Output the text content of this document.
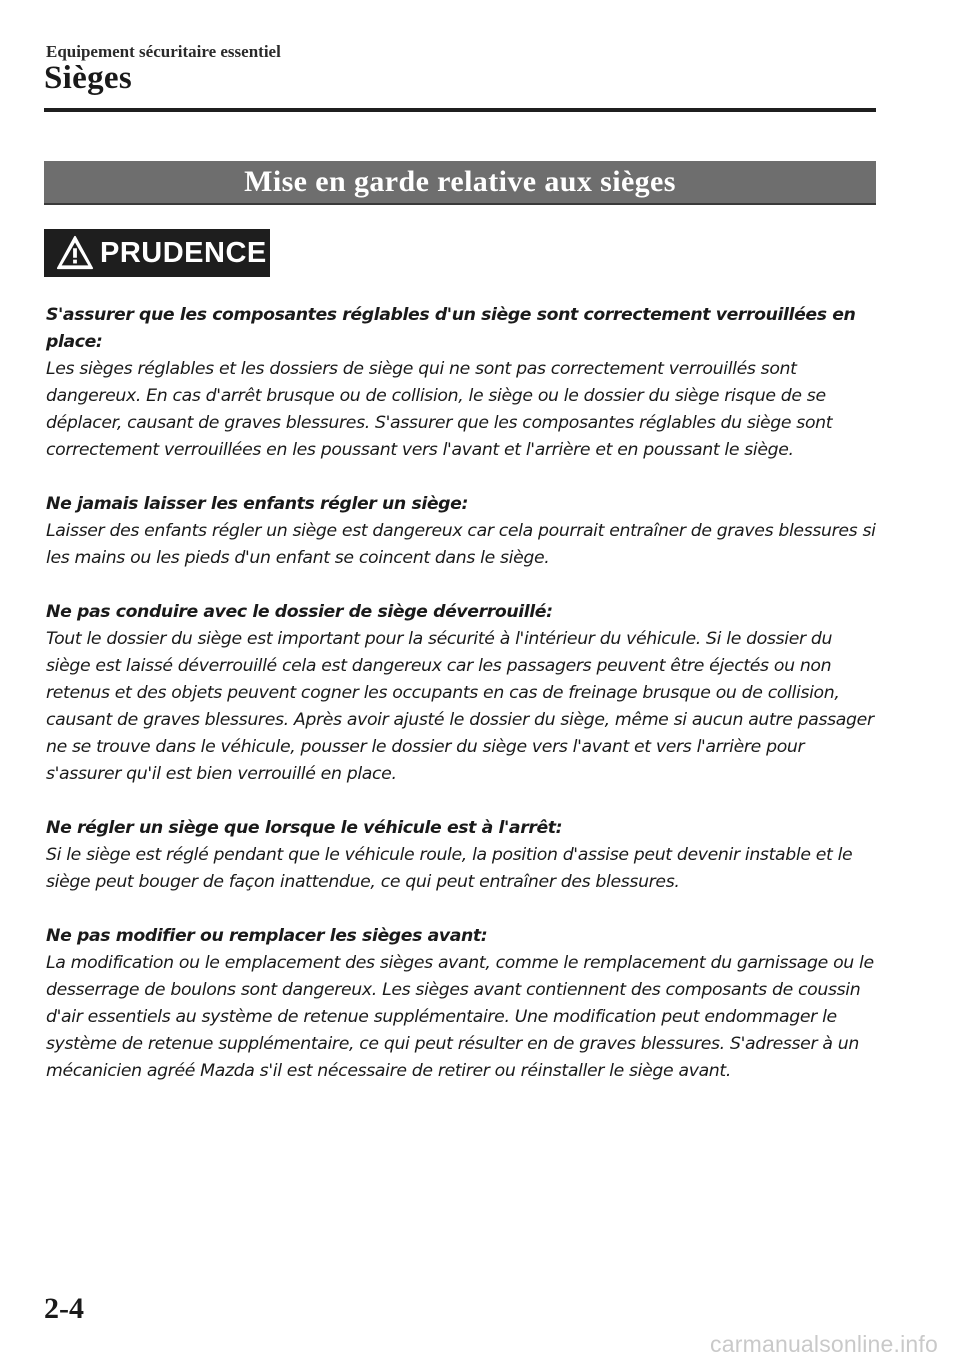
Equipement sécuritaire essentiel
Sièges
Mise en garde relative aux sièges
PRUDENCE
S'assurer que les composantes réglables d'un siège sont correctement verrouillées en place:
Les sièges réglables et les dossiers de siège qui ne sont pas correctement verrouillés sont dangereux. En cas d'arrêt brusque ou de collision, le siège ou le dossier du siège risque de se déplacer, causant de graves blessures. S'assurer que les composantes réglables du siège sont correctement verrouillées en les poussant vers l'avant et l'arrière et en poussant le siège.
Ne jamais laisser les enfants régler un siège:
Laisser des enfants régler un siège est dangereux car cela pourrait entraîner de graves blessures si les mains ou les pieds d'un enfant se coincent dans le siège.
Ne pas conduire avec le dossier de siège déverrouillé:
Tout le dossier du siège est important pour la sécurité à l'intérieur du véhicule. Si le dossier du siège est laissé déverrouillé cela est dangereux car les passagers peuvent être éjectés ou non retenus et des objets peuvent cogner les occupants en cas de freinage brusque ou de collision, causant de graves blessures. Après avoir ajusté le dossier du siège, même si aucun autre passager ne se trouve dans le véhicule, pousser le dossier du siège vers l'avant et vers l'arrière pour s'assurer qu'il est bien verrouillé en place.
Ne régler un siège que lorsque le véhicule est à l'arrêt:
Si le siège est réglé pendant que le véhicule roule, la position d'assise peut devenir instable et le siège peut bouger de façon inattendue, ce qui peut entraîner des blessures.
Ne pas modifier ou remplacer les sièges avant:
La modification ou le emplacement des sièges avant, comme le remplacement du garnissage ou le desserrage de boulons sont dangereux. Les sièges avant contiennent des composants de coussin d'air essentiels au système de retenue supplémentaire. Une modification peut endommager le système de retenue supplémentaire, ce qui peut résulter en de graves blessures. S'adresser à un mécanicien agréé Mazda s'il est nécessaire de retirer ou réinstaller le siège avant.
2-4
carmanualsonline.info
